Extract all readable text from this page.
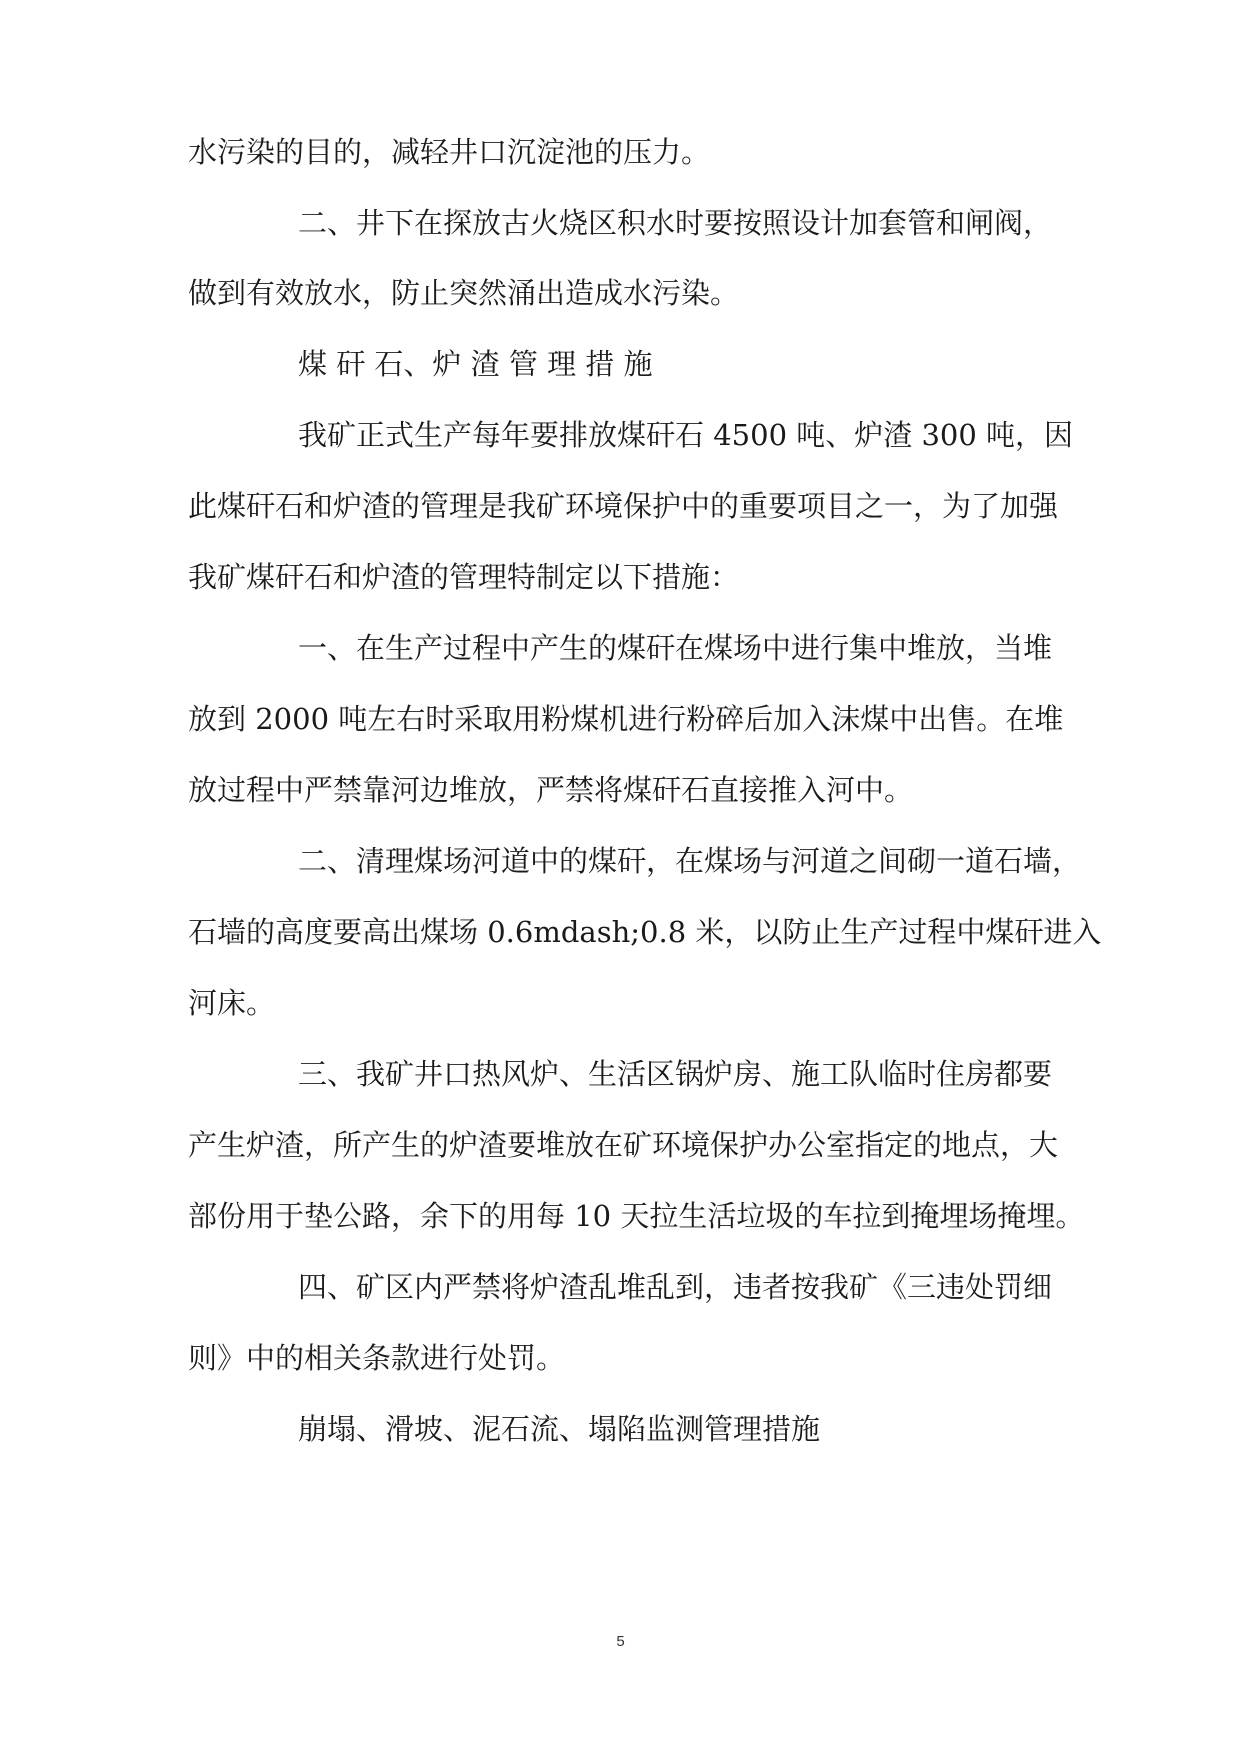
水污染的目的，减轻井口沉淀池的压力。
二、井下在探放古火烧区积水时要按照设计加套管和闸阀，
做到有效放水，防止突然涌出造成水污染。
煤 矸 石、炉 渣 管 理 措 施
我矿正式生产每年要排放煤矸石 4500 吨、炉渣 300 吨，因
此煤矸石和炉渣的管理是我矿环境保护中的重要项目之一，为了加强
我矿煤矸石和炉渣的管理特制定以下措施：
一、在生产过程中产生的煤矸在煤场中进行集中堆放，当堆
放到 2000 吨左右时采取用粉煤机进行粉碎后加入沫煤中出售。在堆
放过程中严禁靠河边堆放，严禁将煤矸石直接推入河中。
二、清理煤场河道中的煤矸，在煤场与河道之间砌一道石墙，
石墙的高度要高出煤场 0.6mdash;0.8 米，以防止生产过程中煤矸进入
河床。
三、我矿井口热风炉、生活区锅炉房、施工队临时住房都要
产生炉渣，所产生的炉渣要堆放在矿环境保护办公室指定的地点，大
部份用于垫公路，余下的用每 10 天拉生活垃圾的车拉到掩埋场掩埋。
四、矿区内严禁将炉渣乱堆乱到，违者按我矿《三违处罚细
则》中的相关条款进行处罚。
崩塌、滑坡、泥石流、塌陷监测管理措施
5
